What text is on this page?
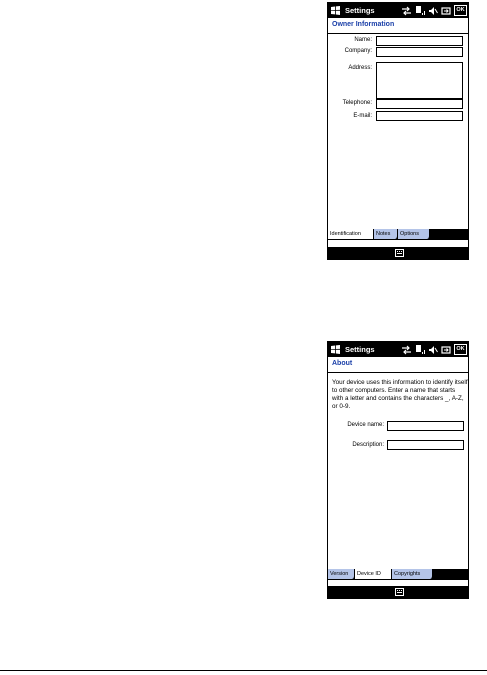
Settings	OK
Owner Information
Name:
Company:
Address:
Telephone:
E-mail:
Identification	Notes	Options
Settings	OK
About
Your device uses this information to identify itself to other computers. Enter a name that starts with a letter and contains the characters _, A-Z, or 0-9.
Device name:
Description:
Version	Device ID	Copyrights
